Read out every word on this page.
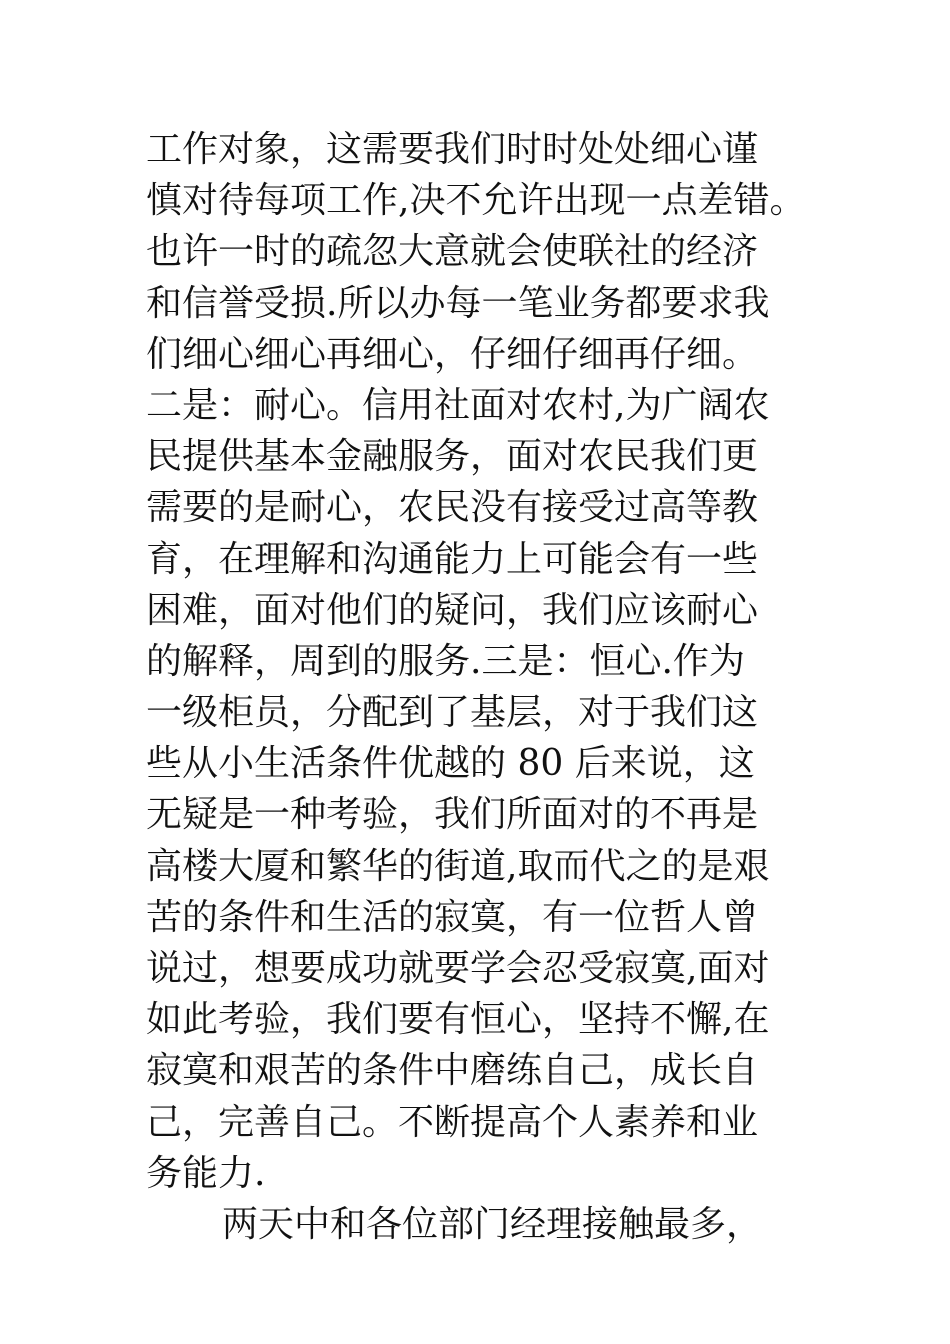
工作对象，这需要我们时时处处细心谨
慎对待每项工作,决不允许出现一点差错。
也许一时的疏忽大意就会使联社的经济
和信誉受损.所以办每一笔业务都要求我
们细心细心再细心，仔细仔细再仔细。
二是：耐心。信用社面对农村,为广阔农
民提供基本金融服务，面对农民我们更
需要的是耐心，农民没有接受过高等教
育，在理解和沟通能力上可能会有一些
困难，面对他们的疑问，我们应该耐心
的解释，周到的服务.三是：恒心.作为
一级柜员，分配到了基层，对于我们这
些从小生活条件优越的 80 后来说，这
无疑是一种考验，我们所面对的不再是
高楼大厦和繁华的街道,取而代之的是艰
苦的条件和生活的寂寞，有一位哲人曾
说过，想要成功就要学会忍受寂寞,面对
如此考验，我们要有恒心，坚持不懈,在
寂寞和艰苦的条件中磨练自己，成长自
己，完善自己。不断提高个人素养和业
务能力.
两天中和各位部门经理接触最多，
